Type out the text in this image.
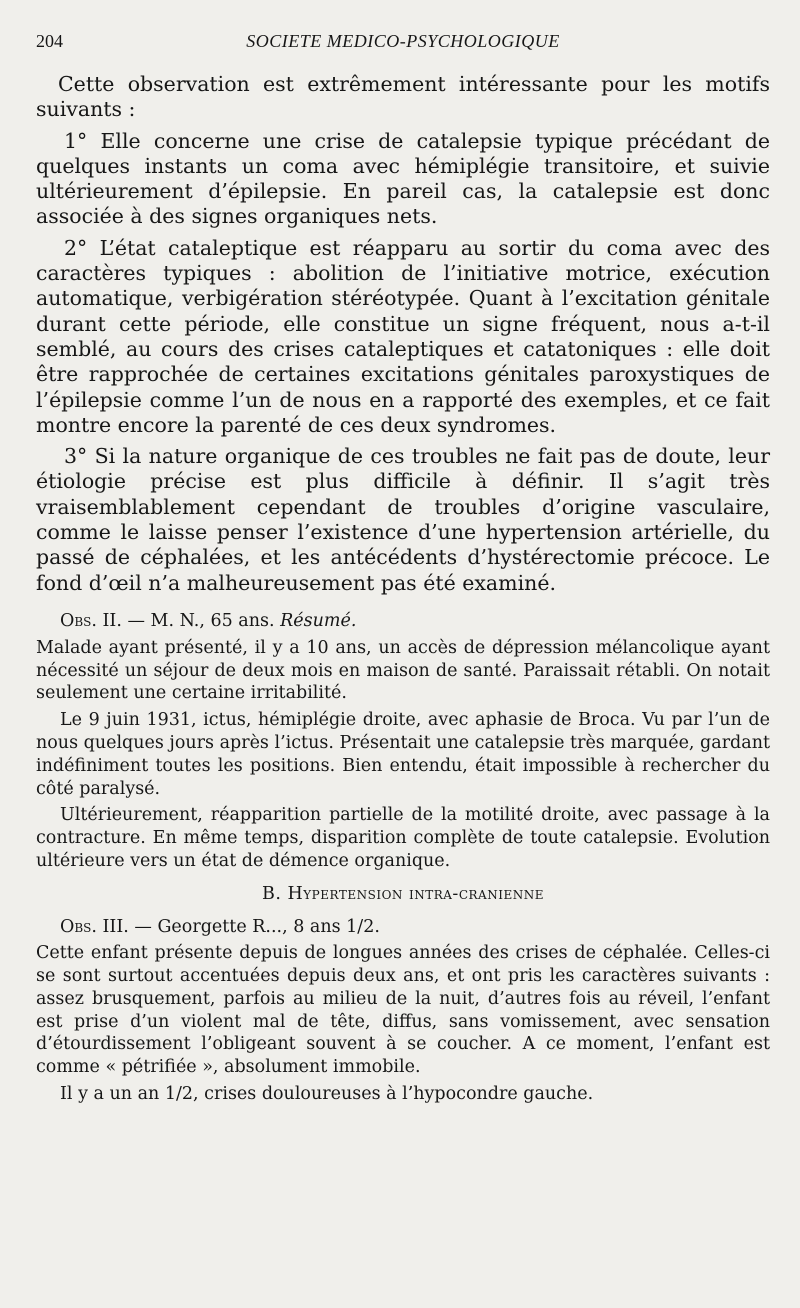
204	SOCIETE MEDICO-PSYCHOLOGIQUE

Cette observation est extrêmement intéressante pour les motifs suivants :

1° Elle concerne une crise de catalepsie typique précédant de quelques instants un coma avec hémiplégie transitoire, et suivie ultérieurement d’épilepsie. En pareil cas, la catalepsie est donc associée à des signes organiques nets.

2° L’état cataleptique est réapparu au sortir du coma avec des caractères typiques : abolition de l’initiative motrice, exécution automatique, verbigération stéréotypée. Quant à l’excitation génitale durant cette période, elle constitue un signe fréquent, nous a-t-il semblé, au cours des crises cataleptiques et catatoniques : elle doit être rapprochée de certaines excitations génitales paroxystiques de l’épilepsie comme l’un de nous en a rapporté des exemples, et ce fait montre encore la parenté de ces deux syndromes.

3° Si la nature organique de ces troubles ne fait pas de doute, leur étiologie précise est plus difficile à définir. Il s’agit très vraisemblablement cependant de troubles d’origine vasculaire, comme le laisse penser l’existence d’une hypertension artérielle, du passé de céphalées, et les antécédents d’hystérectomie précoce. Le fond d’œil n’a malheureusement pas été examiné.

Obs. II. — M. N., 65 ans. Résumé.

Malade ayant présenté, il y a 10 ans, un accès de dépression mélancolique ayant nécessité un séjour de deux mois en maison de santé. Paraissait rétabli. On notait seulement une certaine irritabilité.

Le 9 juin 1931, ictus, hémiplégie droite, avec aphasie de Broca. Vu par l’un de nous quelques jours après l’ictus. Présentait une catalepsie très marquée, gardant indéfiniment toutes les positions. Bien entendu, était impossible à rechercher du côté paralysé.

Ultérieurement, réapparition partielle de la motilité droite, avec passage à la contracture. En même temps, disparition complète de toute catalepsie. Evolution ultérieure vers un état de démence organique.

B. Hypertension intra-cranienne

Obs. III. — Georgette R..., 8 ans 1/2.

Cette enfant présente depuis de longues années des crises de céphalée. Celles-ci se sont surtout accentuées depuis deux ans, et ont pris les caractères suivants : assez brusquement, parfois au milieu de la nuit, d’autres fois au réveil, l’enfant est prise d’un violent mal de tête, diffus, sans vomissement, avec sensation d’étourdissement l’obligeant souvent à se coucher. A ce moment, l’enfant est comme « pétrifiée », absolument immobile.

Il y a un an 1/2, crises douloureuses à l’hypocondre gauche.
